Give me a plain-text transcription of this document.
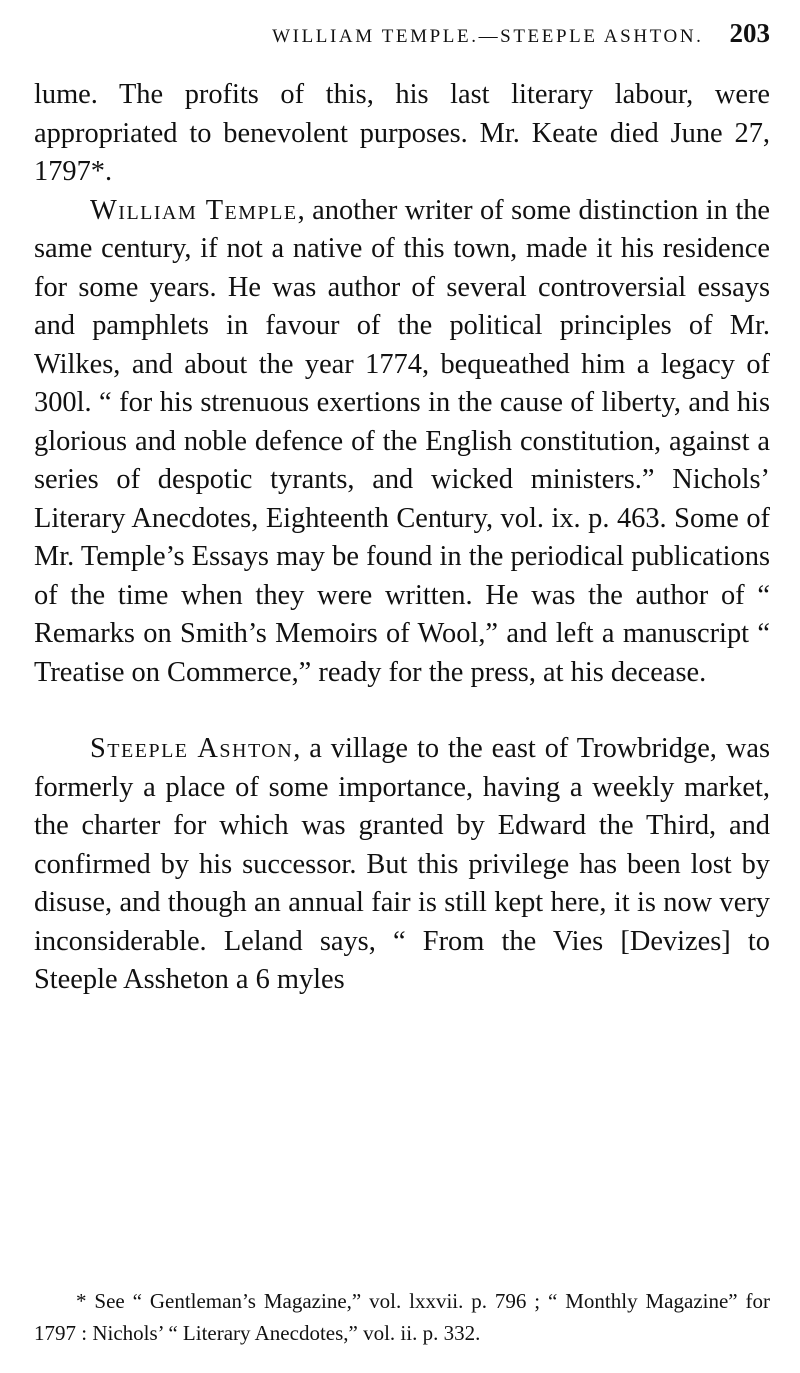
WILLIAM TEMPLE.—STEEPLE ASHTON. 203

lume. The profits of this, his last literary labour, were appropriated to benevolent purposes. Mr. Keate died June 27, 1797*.

William Temple, another writer of some distinction in the same century, if not a native of this town, made it his residence for some years. He was author of several controversial essays and pamphlets in favour of the political principles of Mr. Wilkes, and about the year 1774, bequeathed him a legacy of 300l. “ for his strenuous exertions in the cause of liberty, and his glorious and noble defence of the English constitution, against a series of despotic tyrants, and wicked ministers.” Nichols’ Literary Anecdotes, Eighteenth Century, vol. ix. p. 463. Some of Mr. Temple’s Essays may be found in the periodical publications of the time when they were written. He was the author of “ Remarks on Smith’s Memoirs of Wool,” and left a manuscript “ Treatise on Commerce,” ready for the press, at his decease.

Steeple Ashton, a village to the east of Trowbridge, was formerly a place of some importance, having a weekly market, the charter for which was granted by Edward the Third, and confirmed by his successor. But this privilege has been lost by disuse, and though an annual fair is still kept here, it is now very inconsiderable. Leland says, “ From the Vies [Devizes] to Steeple Assheton a 6 myles

* See “ Gentleman’s Magazine,” vol. lxxvii. p. 796 ; “ Monthly Magazine” for 1797 : Nichols’ “ Literary Anecdotes,” vol. ii. p. 332.
